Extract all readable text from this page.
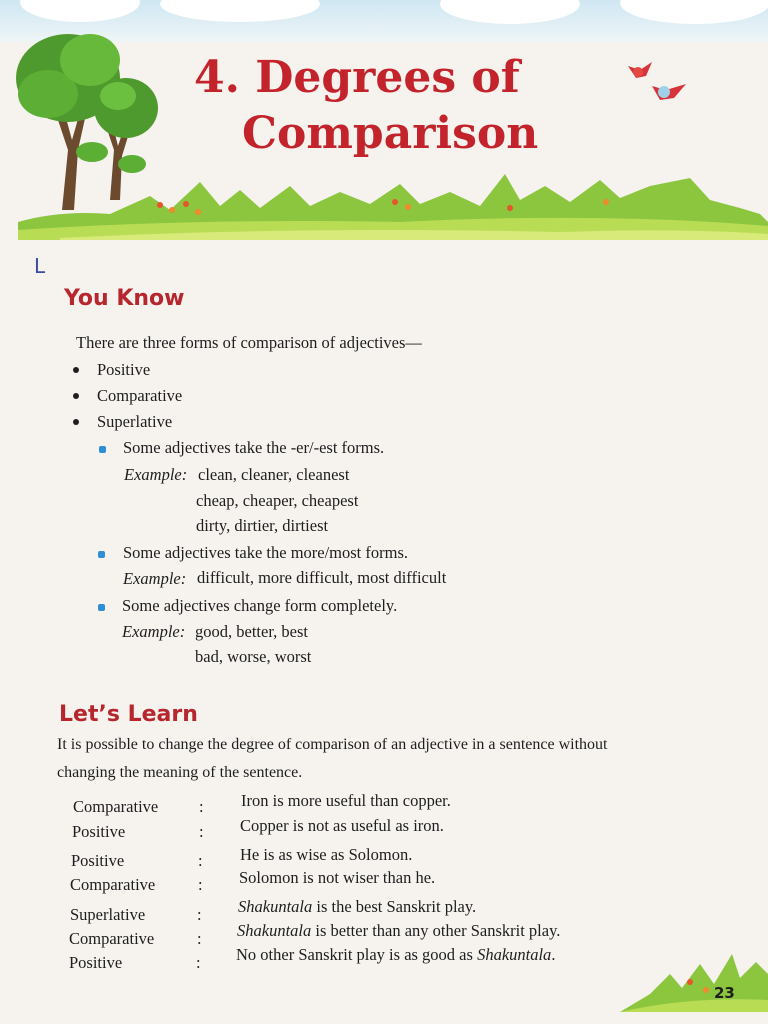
4. Degrees of
Comparison
L
You Know
There are three forms of comparison of adjectives—
Positive
Comparative
Superlative
Some adjectives take the -er/-est forms.
Example: clean, cleaner, cleanest
cheap, cheaper, cheapest
dirty, dirtier, dirtiest
Some adjectives take the more/most forms.
Example: difficult, more difficult, most difficult
Some adjectives change form completely.
Example: good, better, best
bad, worse, worst
Let’s Learn
It is possible to change the degree of comparison of an adjective in a sentence without
changing the meaning of the sentence.
Comparative : Iron is more useful than copper.
Positive	: Copper is not as useful as iron.
Positive	: He is as wise as Solomon.
Comparative	: Solomon is not wiser than he.
Superlative	: Shakuntala is the best Sanskrit play.
Comparative	: Shakuntala is better than any other Sanskrit play.
Positive	: No other Sanskrit play is as good as Shakuntala.
23
